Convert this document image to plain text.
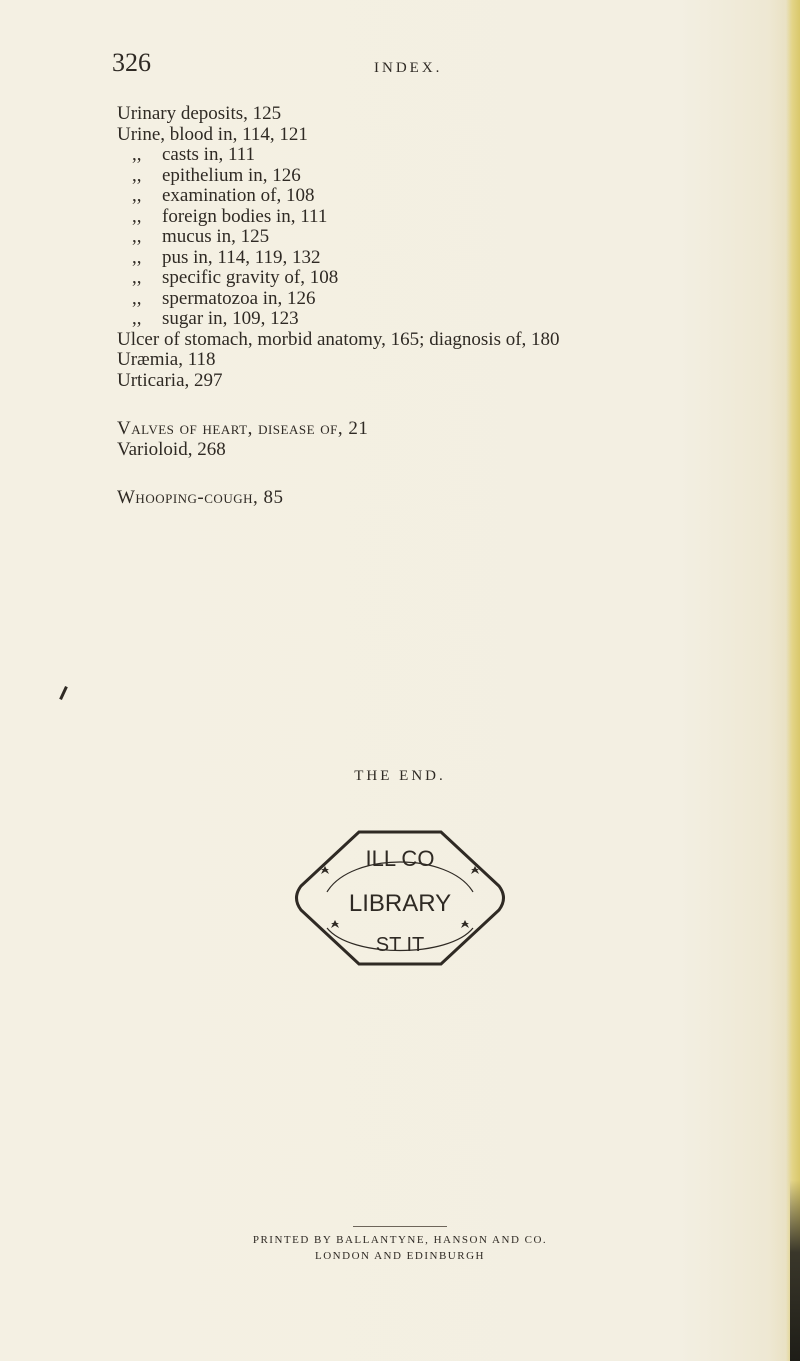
326	INDEX.
Urinary deposits, 125
Urine, blood in, 114, 121
,, casts in, 111
,, epithelium in, 126
,, examination of, 108
,, foreign bodies in, 111
,, mucus in, 125
,, pus in, 114, 119, 132
,, specific gravity of, 108
,, spermatozoa in, 126
,, sugar in, 109, 123
Ulcer of stomach, morbid anatomy, 165; diagnosis of, 180
Uræmia, 118
Urticaria, 297
Valves of heart, disease of, 21
Varioloid, 268
Whooping-cough, 85
THE END.
ILL CO
LIBRARY
ST IT
PRINTED BY BALLANTYNE, HANSON AND CO.
LONDON AND EDINBURGH
